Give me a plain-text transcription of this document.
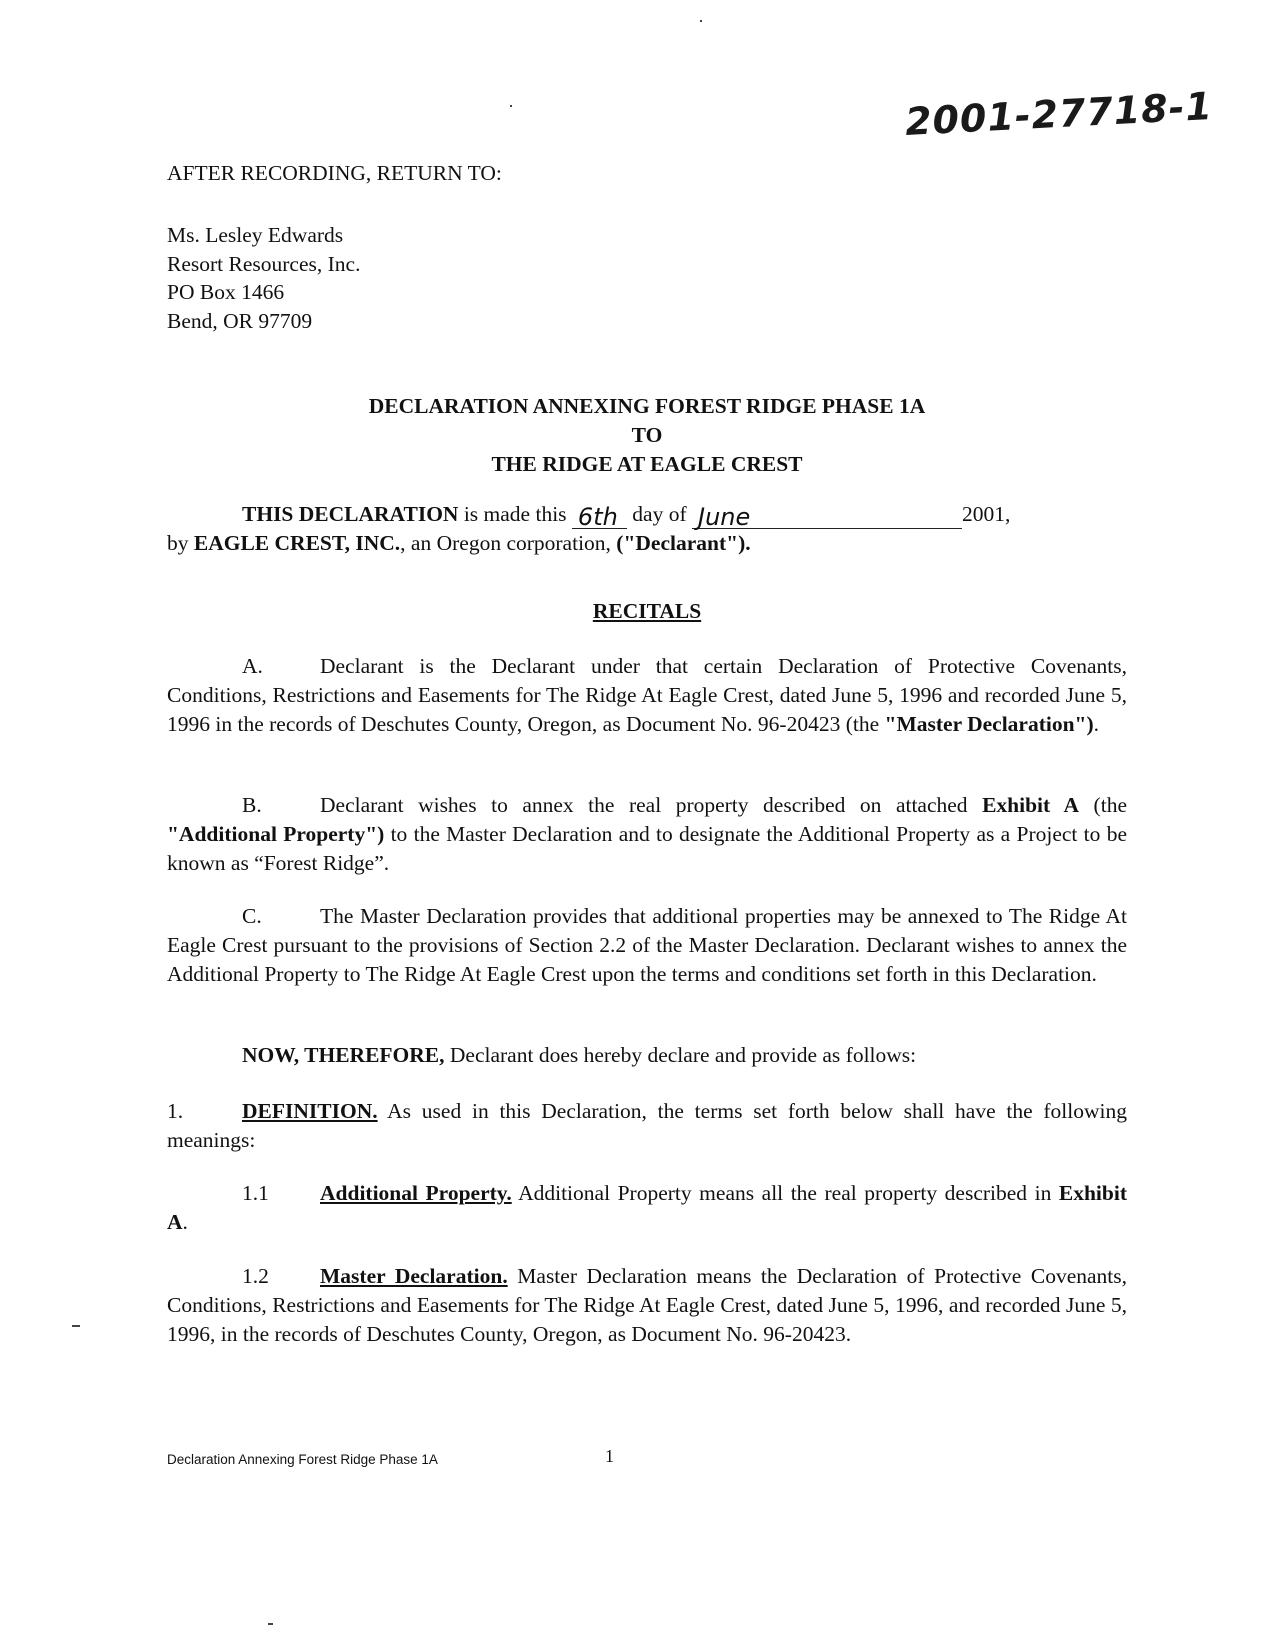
2001-27718-1
AFTER RECORDING, RETURN TO:
Ms. Lesley Edwards
Resort Resources, Inc.
PO Box 1466
Bend, OR 97709
DECLARATION ANNEXING FOREST RIDGE PHASE 1A
TO
THE RIDGE AT EAGLE CREST
THIS DECLARATION is made this 6th day of June	2001,
by EAGLE CREST, INC., an Oregon corporation, ("Declarant").
RECITALS
A.	Declarant is the Declarant under that certain Declaration of Protective Covenants, Conditions, Restrictions and Easements for The Ridge At Eagle Crest, dated June 5, 1996 and recorded June 5, 1996 in the records of Deschutes County, Oregon, as Document No. 96-20423 (the "Master Declaration").
B.	Declarant wishes to annex the real property described on attached Exhibit A (the "Additional Property") to the Master Declaration and to designate the Additional Property as a Project to be known as “Forest Ridge”.
C.	The Master Declaration provides that additional properties may be annexed to The Ridge At Eagle Crest pursuant to the provisions of Section 2.2 of the Master Declaration. Declarant wishes to annex the Additional Property to The Ridge At Eagle Crest upon the terms and conditions set forth in this Declaration.
NOW, THEREFORE, Declarant does hereby declare and provide as follows:
1.	DEFINITION. As used in this Declaration, the terms set forth below shall have the following meanings:
1.1 Additional Property. Additional Property means all the real property described in Exhibit A.
1.2 Master Declaration. Master Declaration means the Declaration of Protective Covenants, Conditions, Restrictions and Easements for The Ridge At Eagle Crest, dated June 5, 1996, and recorded June 5, 1996, in the records of Deschutes County, Oregon, as Document No. 96-20423.
Declaration Annexing Forest Ridge Phase 1A	1
